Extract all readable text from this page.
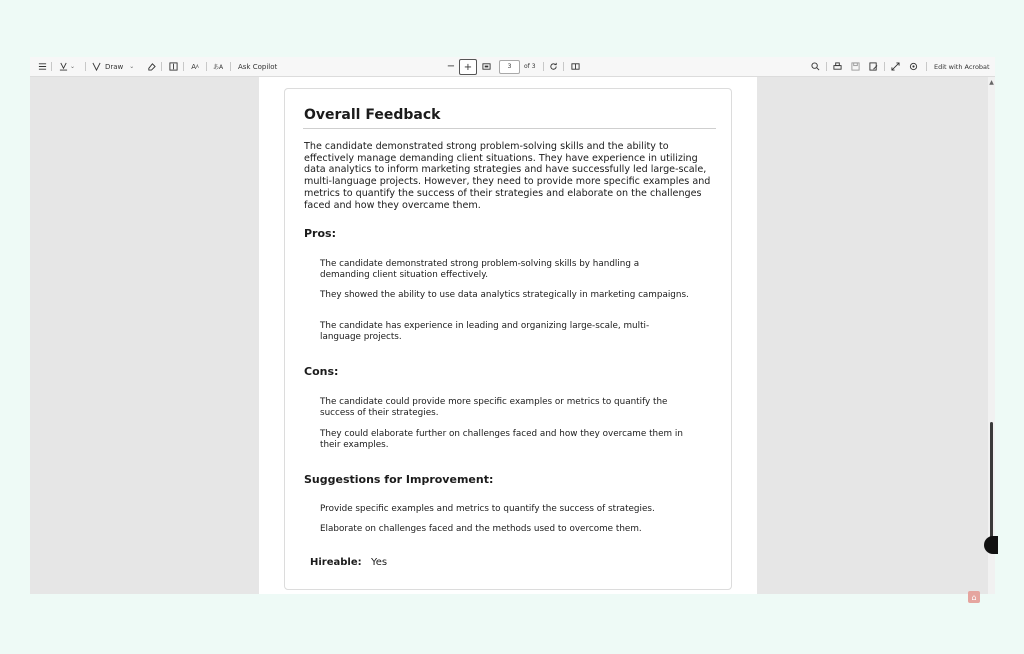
⌄	Draw ⌄	A A あA Ask Copilot	− +	3	of 3	Edit with Acrobat
Overall Feedback
The candidate demonstrated strong problem-solving skills and the ability to effectively manage demanding client situations. They have experience in utilizing data analytics to inform marketing strategies and have successfully led large-scale, multi-language projects. However, they need to provide more specific examples and metrics to quantify the success of their strategies and elaborate on the challenges faced and how they overcame them.
Pros:
The candidate demonstrated strong problem-solving skills by handling a demanding client situation effectively.
They showed the ability to use data analytics strategically in marketing campaigns.
The candidate has experience in leading and organizing large-scale, multi-language projects.
Cons:
The candidate could provide more specific examples or metrics to quantify the success of their strategies.
They could elaborate further on challenges faced and how they overcame them in their examples.
Suggestions for Improvement:
Provide specific examples and metrics to quantify the success of strategies.
Elaborate on challenges faced and the methods used to overcome them.
Hireable: Yes
⌂
▲
